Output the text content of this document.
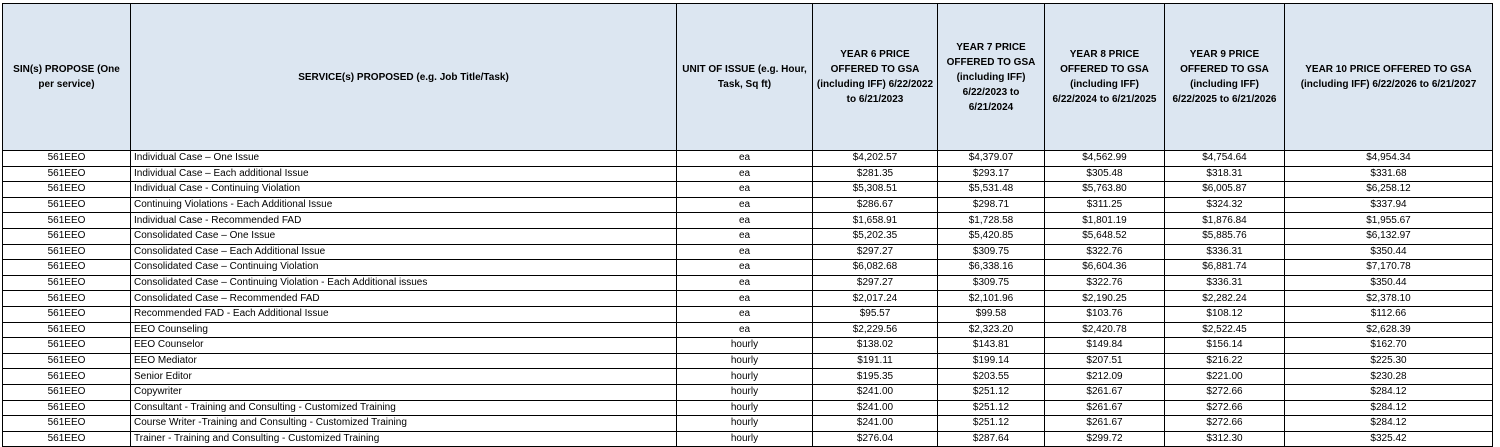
SIN(s) PROPOSE (One per service)	SERVICE(s) PROPOSED (e.g. Job Title/Task)	UNIT OF ISSUE (e.g. Hour, Task, Sq ft)	YEAR 6 PRICE OFFERED TO GSA (including IFF) 6/22/2022 to 6/21/2023	YEAR 7 PRICE OFFERED TO GSA (including IFF) 6/22/2023 to 6/21/2024	YEAR 8 PRICE OFFERED TO GSA (including IFF) 6/22/2024 to 6/21/2025	YEAR 9 PRICE OFFERED TO GSA (including IFF) 6/22/2025 to 6/21/2026	YEAR 10 PRICE OFFERED TO GSA (including IFF) 6/22/2026 to 6/21/2027
561EEO	Individual Case – One Issue	ea	$4,202.57	$4,379.07	$4,562.99	$4,754.64	$4,954.34
561EEO	Individual Case – Each additional Issue	ea	$281.35	$293.17	$305.48	$318.31	$331.68
561EEO	Individual Case - Continuing Violation	ea	$5,308.51	$5,531.48	$5,763.80	$6,005.87	$6,258.12
561EEO	Continuing Violations - Each Additional Issue	ea	$286.67	$298.71	$311.25	$324.32	$337.94
561EEO	Individual Case - Recommended FAD	ea	$1,658.91	$1,728.58	$1,801.19	$1,876.84	$1,955.67
561EEO	Consolidated Case – One Issue	ea	$5,202.35	$5,420.85	$5,648.52	$5,885.76	$6,132.97
561EEO	Consolidated Case – Each Additional Issue	ea	$297.27	$309.75	$322.76	$336.31	$350.44
561EEO	Consolidated Case – Continuing Violation	ea	$6,082.68	$6,338.16	$6,604.36	$6,881.74	$7,170.78
561EEO	Consolidated Case – Continuing Violation - Each Additional issues	ea	$297.27	$309.75	$322.76	$336.31	$350.44
561EEO	Consolidated Case – Recommended FAD	ea	$2,017.24	$2,101.96	$2,190.25	$2,282.24	$2,378.10
561EEO	Recommended FAD - Each Additional Issue	ea	$95.57	$99.58	$103.76	$108.12	$112.66
561EEO	EEO Counseling	ea	$2,229.56	$2,323.20	$2,420.78	$2,522.45	$2,628.39
561EEO	EEO Counselor	hourly	$138.02	$143.81	$149.84	$156.14	$162.70
561EEO	EEO Mediator	hourly	$191.11	$199.14	$207.51	$216.22	$225.30
561EEO	Senior Editor	hourly	$195.35	$203.55	$212.09	$221.00	$230.28
561EEO	Copywriter	hourly	$241.00	$251.12	$261.67	$272.66	$284.12
561EEO	Consultant - Training and Consulting - Customized Training	hourly	$241.00	$251.12	$261.67	$272.66	$284.12
561EEO	Course Writer -Training and Consulting - Customized Training	hourly	$241.00	$251.12	$261.67	$272.66	$284.12
561EEO	Trainer - Training and Consulting - Customized Training	hourly	$276.04	$287.64	$299.72	$312.30	$325.42
